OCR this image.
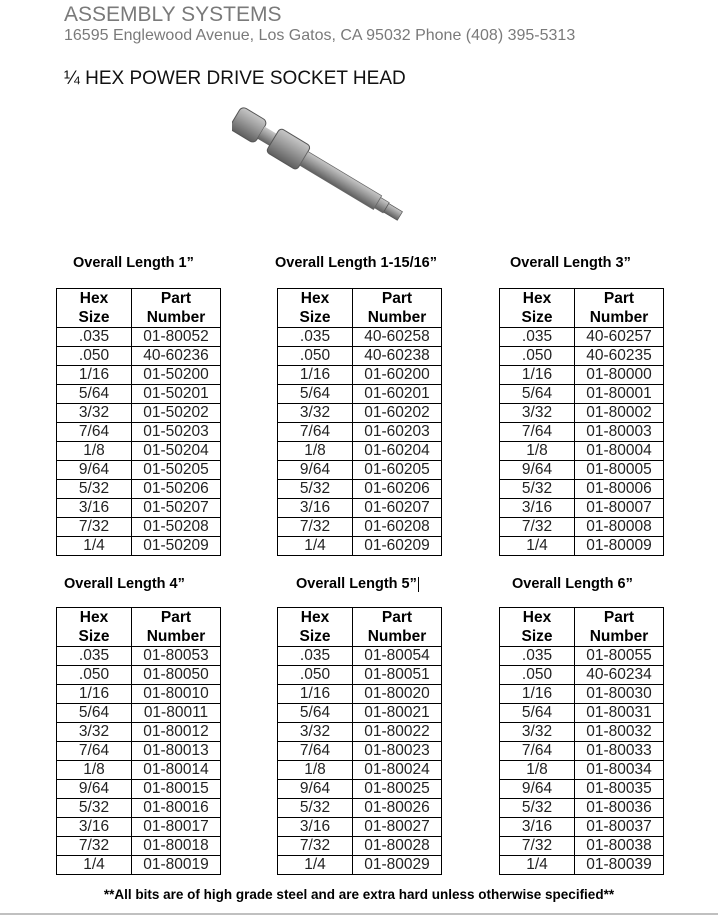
ASSEMBLY SYSTEMS
16595 Englewood Avenue, Los Gatos, CA 95032 Phone (408) 395-5313
¼ HEX POWER DRIVE SOCKET HEAD
Overall Length 1”
Hex
Size	Part
Number
.035	01-80052
.050	40-60236
1/16	01-50200
5/64	01-50201
3/32	01-50202
7/64	01-50203
1/8	01-50204
9/64	01-50205
5/32	01-50206
3/16	01-50207
7/32	01-50208
1/4	01-50209
Overall Length 1-15/16”
Hex
Size	Part
Number
.035	40-60258
.050	40-60238
1/16	01-60200
5/64	01-60201
3/32	01-60202
7/64	01-60203
1/8	01-60204
9/64	01-60205
5/32	01-60206
3/16	01-60207
7/32	01-60208
1/4	01-60209
Overall Length 3”
Hex
Size	Part
Number
.035	40-60257
.050	40-60235
1/16	01-80000
5/64	01-80001
3/32	01-80002
7/64	01-80003
1/8	01-80004
9/64	01-80005
5/32	01-80006
3/16	01-80007
7/32	01-80008
1/4	01-80009
Overall Length 4”
Hex
Size	Part
Number
.035	01-80053
.050	01-80050
1/16	01-80010
5/64	01-80011
3/32	01-80012
7/64	01-80013
1/8	01-80014
9/64	01-80015
5/32	01-80016
3/16	01-80017
7/32	01-80018
1/4	01-80019
Overall Length 5”
Hex
Size	Part
Number
.035	01-80054
.050	01-80051
1/16	01-80020
5/64	01-80021
3/32	01-80022
7/64	01-80023
1/8	01-80024
9/64	01-80025
5/32	01-80026
3/16	01-80027
7/32	01-80028
1/4	01-80029
Overall Length 6”
Hex
Size	Part
Number
.035	01-80055
.050	40-60234
1/16	01-80030
5/64	01-80031
3/32	01-80032
7/64	01-80033
1/8	01-80034
9/64	01-80035
5/32	01-80036
3/16	01-80037
7/32	01-80038
1/4	01-80039
**All bits are of high grade steel and are extra hard unless otherwise specified**
